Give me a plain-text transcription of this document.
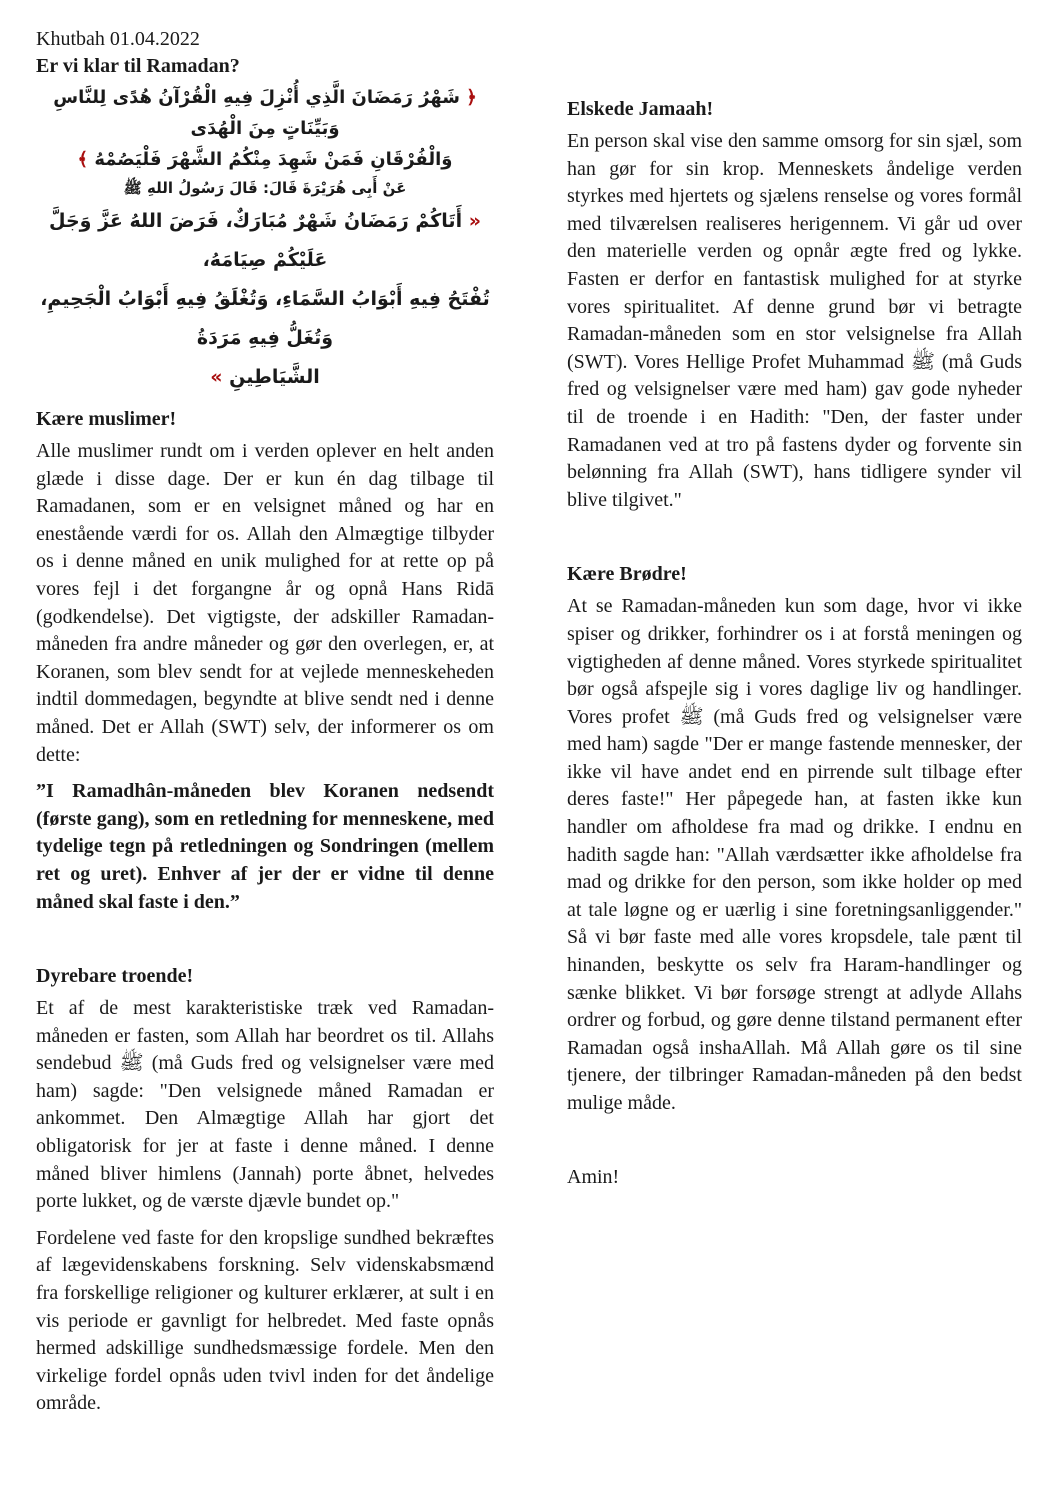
Khutbah 01.04.2022
Er vi klar til Ramadan?
﴿ شَهْرُ رَمَضَانَ الَّذِي أُنْزِلَ فِيهِ الْقُرْآنُ هُدًى لِلنَّاسِ وَبَيِّنَاتٍ مِنَ الْهُدَى
وَالْفُرْقَانِ فَمَنْ شَهِدَ مِنْكُمُ الشَّهْرَ فَلْيَصُمْهُ ﴾
عَنْ أَبِى هُرَيْرَةَ قَالَ: قَالَ رَسُولُ اللهِ ﷺ
« أَتَاكُمْ رَمَضَانُ شَهْرٌ مُبَارَكٌ، فَرَضَ اللهُ عَزَّ وَجَلَّ عَلَيْكُمْ صِيَامَهُ،
تُفْتَحُ فِيهِ أَبْوَابُ السَّمَاءِ، وَتُغْلَقُ فِيهِ أَبْوَابُ الْجَحِيمِ، وَتُغَلُّ فِيهِ مَرَدَةُ
الشَّيَاطِينِ »
Kære muslimer!
Alle muslimer rundt om i verden oplever en helt anden glæde i disse dage. Der er kun én dag tilbage til Ramadanen, som er en velsignet måned og har en enestående værdi for os. Allah den Almægtige tilbyder os i denne måned en unik mulighed for at rette op på vores fejl i det forgangne år og opnå Hans Ridā (godkendelse). Det vigtigste, der adskiller Ramadan-måneden fra andre måneder og gør den overlegen, er, at Koranen, som blev sendt for at vejlede menneskeheden indtil dommedagen, begyndte at blive sendt ned i denne måned. Det er Allah (SWT) selv, der informerer os om dette:
”I Ramadhân-måneden blev Koranen nedsendt (første gang), som en retledning for menneskene, med tydelige tegn på retledningen og Sondringen (mellem ret og uret). Enhver af jer der er vidne til denne måned skal faste i den.”
Dyrebare troende!
Et af de mest karakteristiske træk ved Ramadan-måneden er fasten, som Allah har beordret os til. Allahs sendebud ﷺ (må Guds fred og velsignelser være med ham) sagde: "Den velsignede måned Ramadan er ankommet. Den Almægtige Allah har gjort det obligatorisk for jer at faste i denne måned. I denne måned bliver himlens (Jannah) porte åbnet, helvedes porte lukket, og de værste djævle bundet op."
Fordelene ved faste for den kropslige sundhed bekræftes af lægevidenskabens forskning. Selv videnskabsmænd fra forskellige religioner og kulturer erklærer, at sult i en vis periode er gavnligt for helbredet. Med faste opnås hermed adskillige sundhedsmæssige fordele. Men den virkelige fordel opnås uden tvivl inden for det åndelige område.
Elskede Jamaah!
En person skal vise den samme omsorg for sin sjæl, som han gør for sin krop. Menneskets åndelige verden styrkes med hjertets og sjælens renselse og vores formål med tilværelsen realiseres herigennem. Vi går ud over den materielle verden og opnår ægte fred og lykke. Fasten er derfor en fantastisk mulighed for at styrke vores spiritualitet. Af denne grund bør vi betragte Ramadan-måneden som en stor velsignelse fra Allah (SWT). Vores Hellige Profet Muhammad ﷺ (må Guds fred og velsignelser være med ham) gav gode nyheder til de troende i en Hadith: "Den, der faster under Ramadanen ved at tro på fastens dyder og forvente sin belønning fra Allah (SWT), hans tidligere synder vil blive tilgivet."
Kære Brødre!
At se Ramadan-måneden kun som dage, hvor vi ikke spiser og drikker, forhindrer os i at forstå meningen og vigtigheden af denne måned. Vores styrkede spiritualitet bør også afspejle sig i vores daglige liv og handlinger. Vores profet ﷺ (må Guds fred og velsignelser være med ham) sagde "Der er mange fastende mennesker, der ikke vil have andet end en pirrende sult tilbage efter deres faste!" Her påpegede han, at fasten ikke kun handler om afholdese fra mad og drikke. I endnu en hadith sagde han: "Allah værdsætter ikke afholdelse fra mad og drikke for den person, som ikke holder op med at tale løgne og er uærlig i sine foretningsanliggender." Så vi bør faste med alle vores kropsdele, tale pænt til hinanden, beskytte os selv fra Haram-handlinger og sænke blikket. Vi bør forsøge strengt at adlyde Allahs ordrer og forbud, og gøre denne tilstand permanent efter Ramadan også inshaAllah. Må Allah gøre os til sine tjenere, der tilbringer Ramadan-måneden på den bedst mulige måde.
Amin!
